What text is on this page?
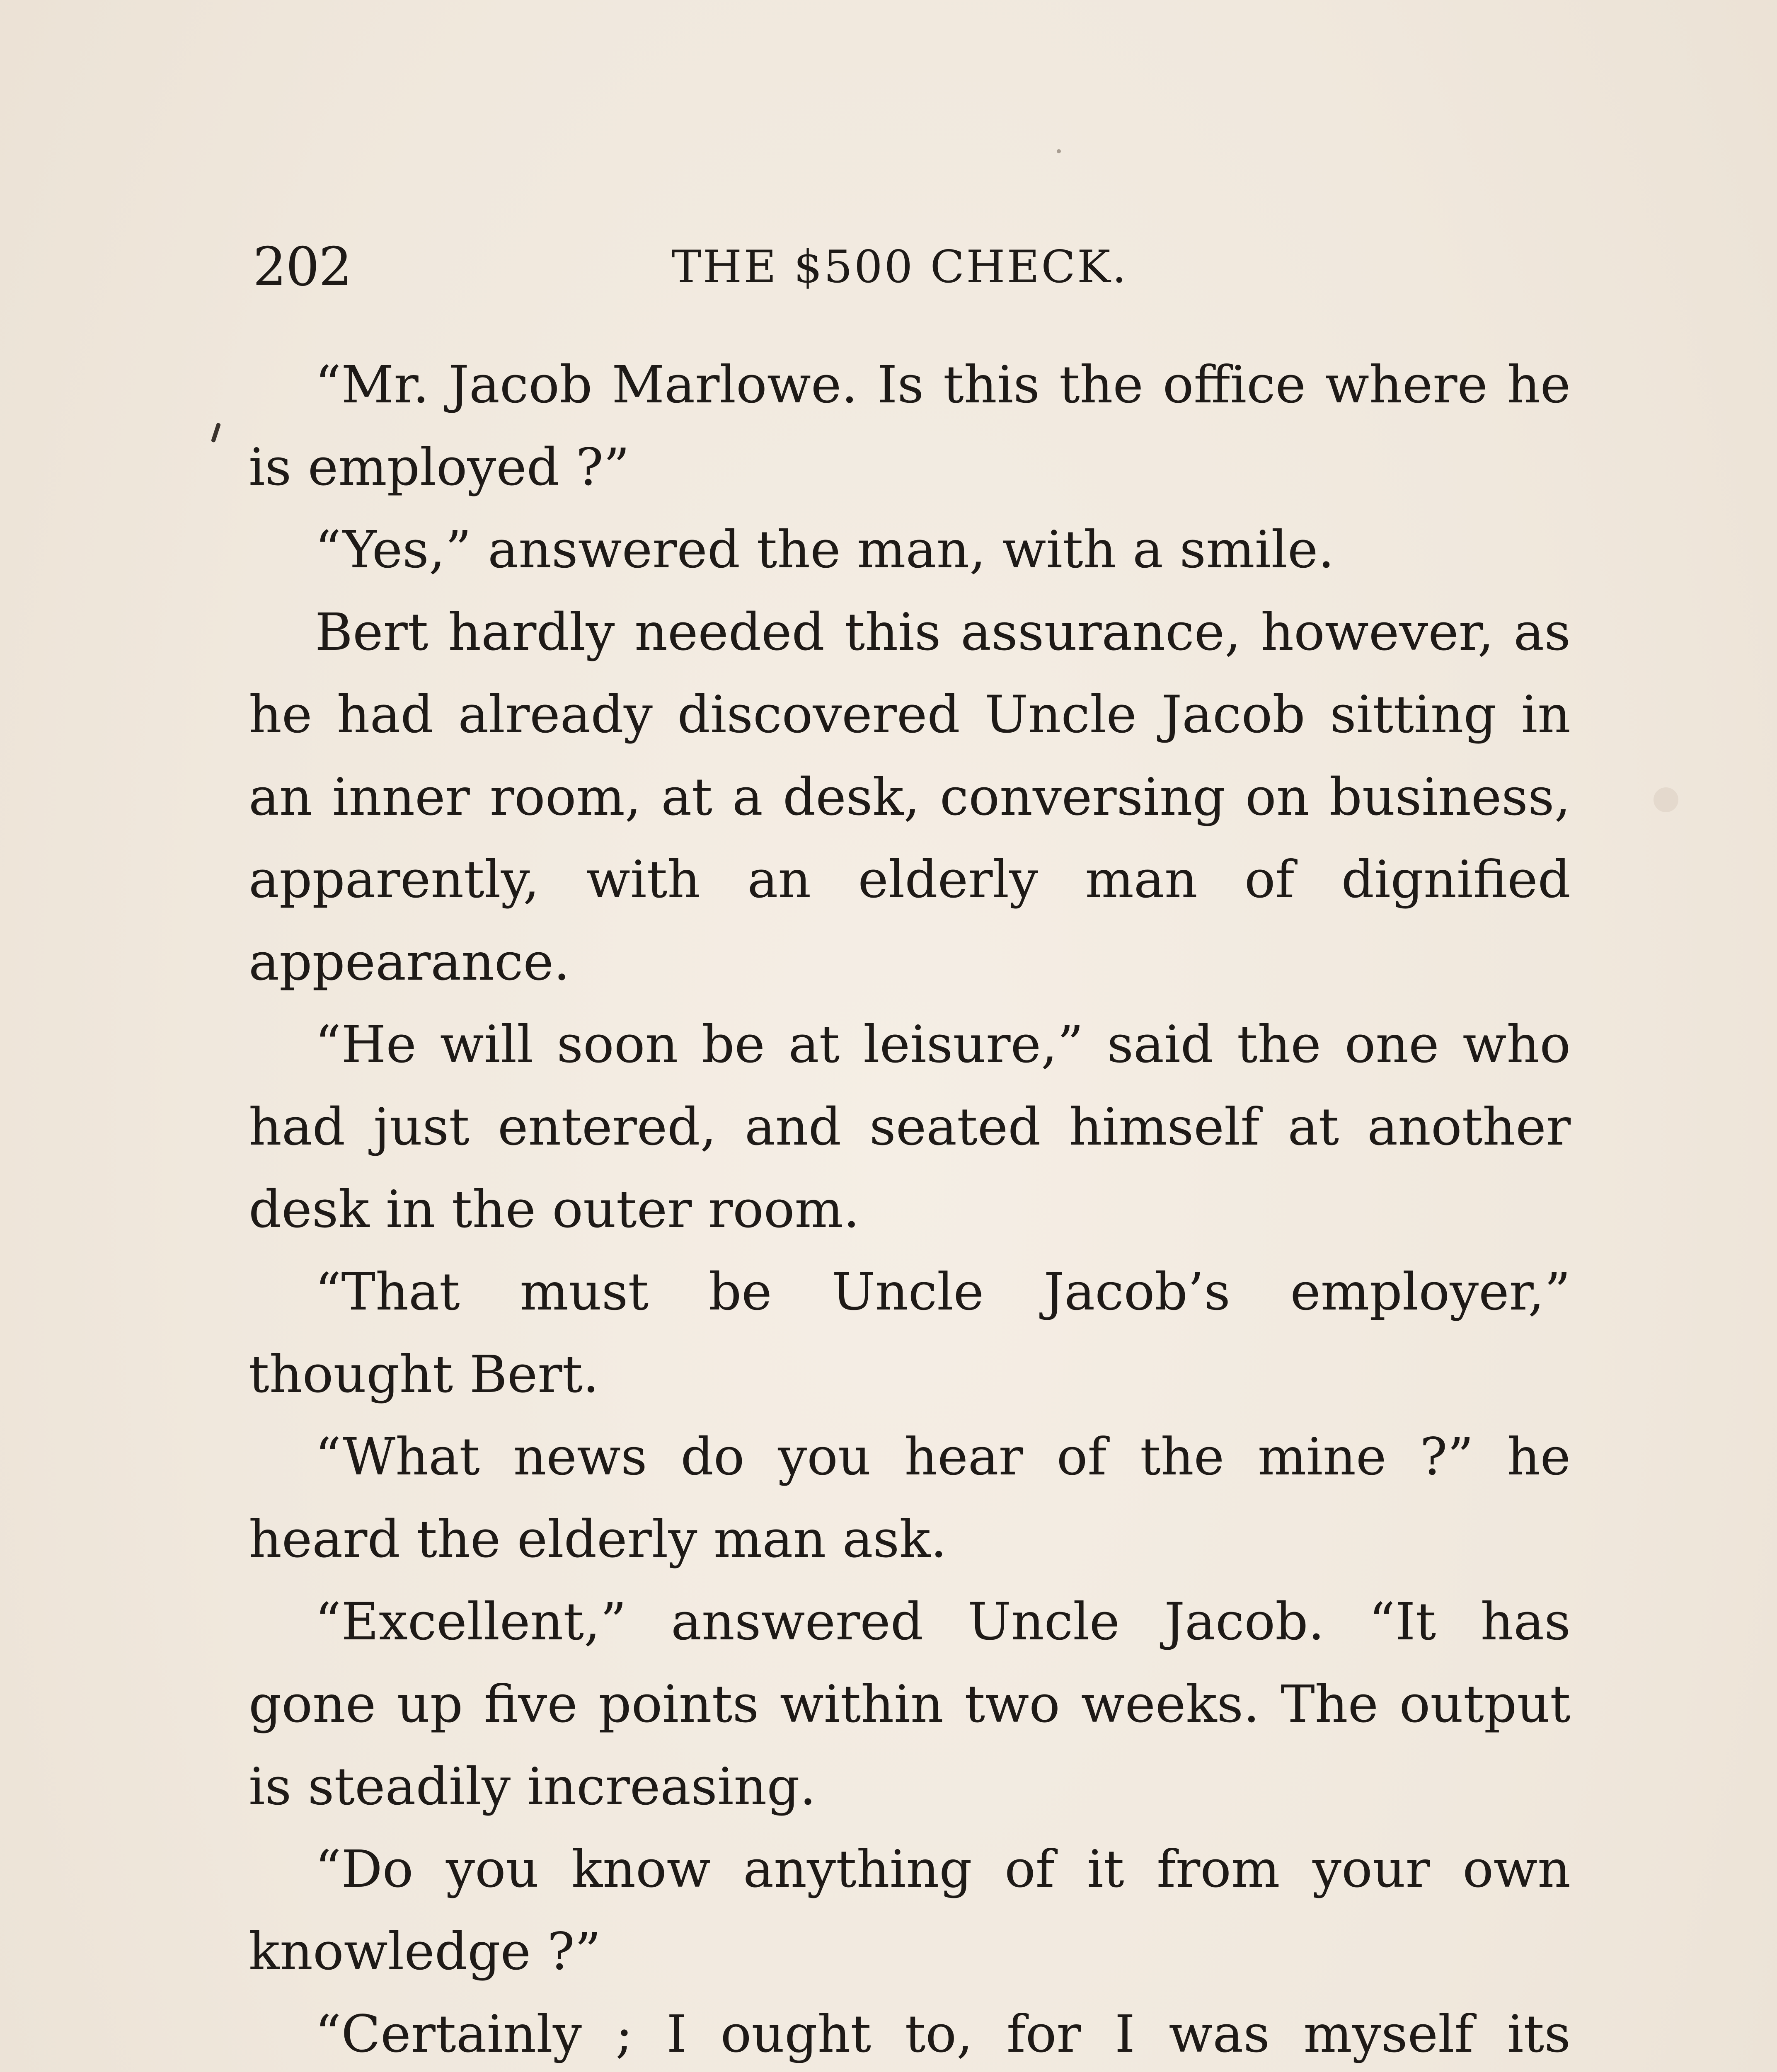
202	THE $500 CHECK.

“Mr. Jacob Marlowe. Is this the office where he is employed ?”

“Yes,” answered the man, with a smile.

Bert hardly needed this assurance, however, as he had already discovered Uncle Jacob sitting in an inner room, at a desk, conversing on business, apparently, with an elderly man of dignified appearance.

“He will soon be at leisure,” said the one who had just entered, and seated himself at another desk in the outer room.

“That must be Uncle Jacob’s employer,” thought Bert.

“What news do you hear of the mine ?” he heard the elderly man ask.

“Excellent,” answered Uncle Jacob. “It has gone up five points within two weeks. The output is steadily increasing.

“Do you know anything of it from your own knowledge ?”

“Certainly ; I ought to, for I was myself its
